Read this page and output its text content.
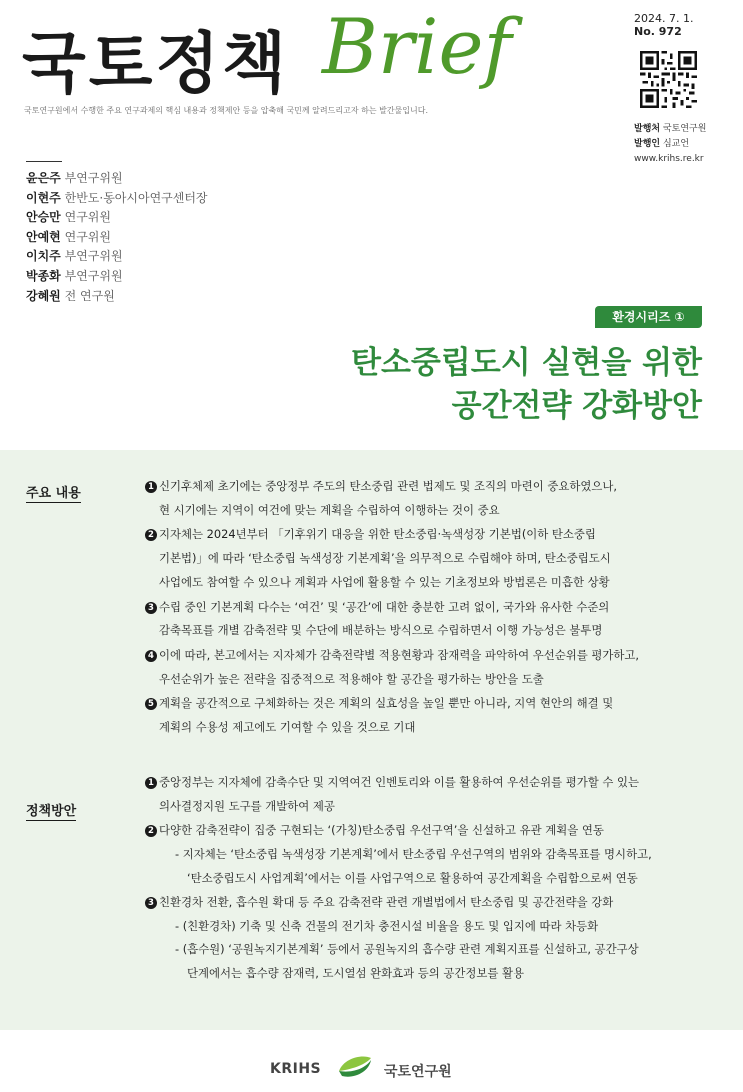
국토정책 Brief
국토연구원에서 수행한 주요 연구과제의 핵심 내용과 정책제안 등을 압축해 국민께 알려드리고자 하는 발간물입니다.
2024. 7. 1.
No. 972
발행처 국토연구원
발행인 심교언
www.krihs.re.kr
윤은주 부연구위원
이현주 한반도·동아시아연구센터장
안승만 연구위원
안예현 연구위원
이치주 부연구위원
박종화 부연구위원
강혜원 전 연구원
환경시리즈 ①
탄소중립도시 실현을 위한
공간전략 강화방안
주요 내용	1 신기후체제 초기에는 중앙정부 주도의 탄소중립 관련 법제도 및 조직의 마련이 중요하였으나,
현 시기에는 지역이 여건에 맞는 계획을 수립하여 이행하는 것이 중요
2 지자체는 2024년부터 「기후위기 대응을 위한 탄소중립·녹색성장 기본법(이하 탄소중립
기본법)」에 따라 ‘탄소중립 녹색성장 기본계획’을 의무적으로 수립해야 하며, 탄소중립도시
사업에도 참여할 수 있으나 계획과 사업에 활용할 수 있는 기초정보와 방법론은 미흡한 상황
3 수립 중인 기본계획 다수는 ‘여건’ 및 ‘공간’에 대한 충분한 고려 없이, 국가와 유사한 수준의
감축목표를 개별 감축전략 및 수단에 배분하는 방식으로 수립하면서 이행 가능성은 불투명
4 이에 따라, 본고에서는 지자체가 감축전략별 적용현황과 잠재력을 파악하여 우선순위를 평가하고,
우선순위가 높은 전략을 집중적으로 적용해야 할 공간을 평가하는 방안을 도출
5 계획을 공간적으로 구체화하는 것은 계획의 실효성을 높일 뿐만 아니라, 지역 현안의 해결 및
계획의 수용성 제고에도 기여할 수 있을 것으로 기대
정책방안
1 중앙정부는 지자체에 감축수단 및 지역여건 인벤토리와 이를 활용하여 우선순위를 평가할 수 있는
의사결정지원 도구를 개발하여 제공
2 다양한 감축전략이 집중 구현되는 ‘(가칭)탄소중립 우선구역’을 신설하고 유관 계획을 연동
- 지자체는 ‘탄소중립 녹색성장 기본계획’에서 탄소중립 우선구역의 범위와 감축목표를 명시하고,
‘탄소중립도시 사업계획’에서는 이를 사업구역으로 활용하여 공간계획을 수립함으로써 연동
3 친환경차 전환, 흡수원 확대 등 주요 감축전략 관련 개별법에서 탄소중립 및 공간전략을 강화
- (친환경차) 기축 및 신축 건물의 전기차 충전시설 비율을 용도 및 입지에 따라 차등화
- (흡수원) ‘공원녹지기본계획’ 등에서 공원녹지의 흡수량 관련 계획지표를 신설하고, 공간구상
단계에서는 흡수량 잠재력, 도시열섬 완화효과 등의 공간정보를 활용
KRIHS	국토연구원
